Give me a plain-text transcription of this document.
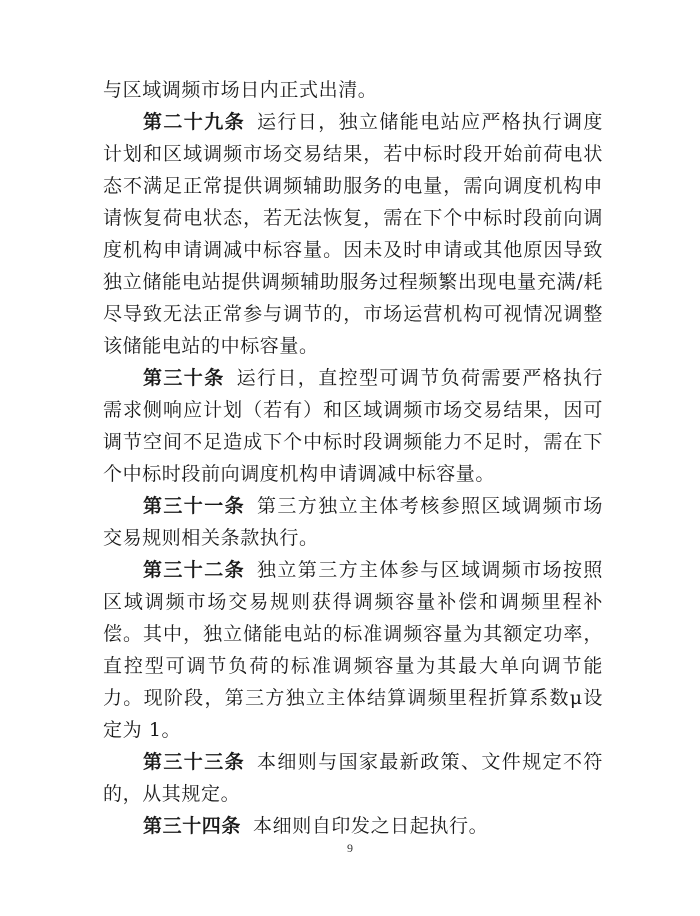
与区域调频市场日内正式出清。

第二十九条 运行日，独立储能电站应严格执行调度计划和区域调频市场交易结果，若中标时段开始前荷电状态不满足正常提供调频辅助服务的电量，需向调度机构申请恢复荷电状态，若无法恢复，需在下个中标时段前向调度机构申请调减中标容量。因未及时申请或其他原因导致独立储能电站提供调频辅助服务过程频繁出现电量充满/耗尽导致无法正常参与调节的，市场运营机构可视情况调整该储能电站的中标容量。

第三十条 运行日，直控型可调节负荷需要严格执行需求侧响应计划（若有）和区域调频市场交易结果，因可调节空间不足造成下个中标时段调频能力不足时，需在下个中标时段前向调度机构申请调减中标容量。

第三十一条 第三方独立主体考核参照区域调频市场交易规则相关条款执行。

第三十二条 独立第三方主体参与区域调频市场按照区域调频市场交易规则获得调频容量补偿和调频里程补偿。其中，独立储能电站的标准调频容量为其额定功率，直控型可调节负荷的标准调频容量为其最大单向调节能力。现阶段，第三方独立主体结算调频里程折算系数μ设定为 1。

第三十三条 本细则与国家最新政策、文件规定不符的，从其规定。

第三十四条 本细则自印发之日起执行。

9
